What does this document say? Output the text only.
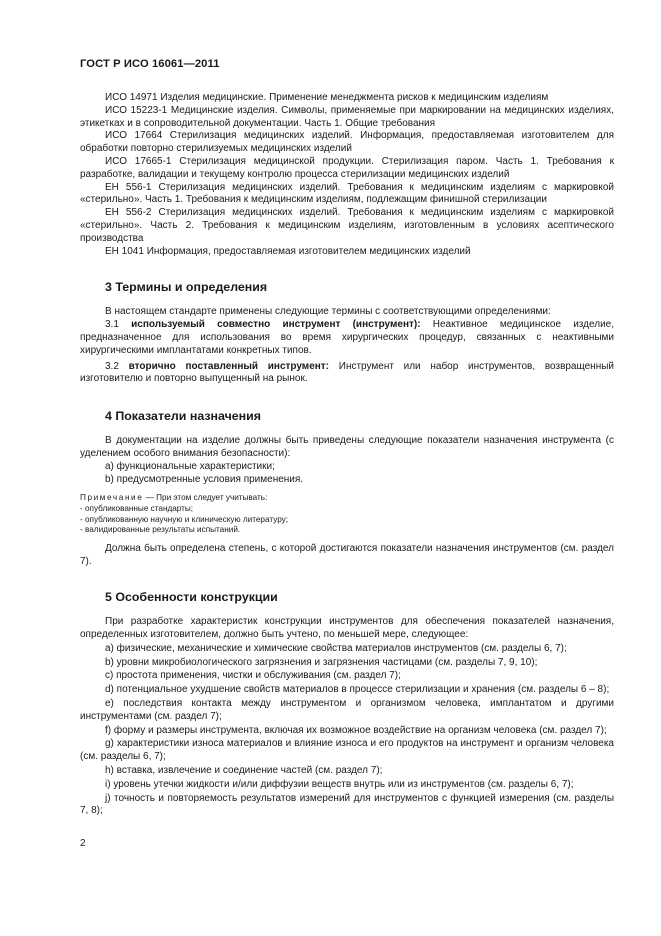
ГОСТ Р ИСО 16061—2011

ИСО 14971 Изделия медицинские. Применение менеджмента рисков к медицинским изделиям

ИСО 15223-1 Медицинские изделия. Символы, применяемые при маркировании на медицинских изделиях, этикетках и в сопроводительной документации. Часть 1. Общие требования

ИСО 17664 Стерилизация медицинских изделий. Информация, предоставляемая изготовителем для обработки повторно стерилизуемых медицинских изделий

ИСО 17665-1 Стерилизация медицинской продукции. Стерилизация паром. Часть 1. Требования к разработке, валидации и текущему контролю процесса стерилизации медицинских изделий

ЕН 556-1 Стерилизация медицинских изделий. Требования к медицинским изделиям с маркировкой «стерильно». Часть 1. Требования к медицинским изделиям, подлежащим финишной стерилизации

ЕН 556-2 Стерилизация медицинских изделий. Требования к медицинским изделиям с маркировкой «стерильно». Часть 2. Требования к медицинским изделиям, изготовленным в условиях асептического производства

ЕН 1041 Информация, предоставляемая изготовителем медицинских изделий

3 Термины и определения

В настоящем стандарте применены следующие термины с соответствующими определениями:

3.1 используемый совместно инструмент (инструмент): Неактивное медицинское изделие, предназначенное для использования во время хирургических процедур, связанных с неактивными хирургическими имплантатами конкретных типов.

3.2 вторично поставленный инструмент: Инструмент или набор инструментов, возвращенный изготовителю и повторно выпущенный на рынок.

4 Показатели назначения

В документации на изделие должны быть приведены следующие показатели назначения инструмента (с уделением особого внимания безопасности):

а) функциональные характеристики;

b) предусмотренные условия применения.

Примечание — При этом следует учитывать:

- опубликованные стандарты;

- опубликованную научную и клиническую литературу;

- валидированные результаты испытаний.

Должна быть определена степень, с которой достигаются показатели назначения инструментов (см. раздел 7).

5 Особенности конструкции

При разработке характеристик конструкции инструментов для обеспечения показателей назначения, определенных изготовителем, должно быть учтено, по меньшей мере, следующее:

а) физические, механические и химические свойства материалов инструментов (см. разделы 6, 7);

b) уровни микробиологического загрязнения и загрязнения частицами (см. разделы 7, 9, 10);

c) простота применения, чистки и обслуживания (см. раздел 7);

d) потенциальное ухудшение свойств материалов в процессе стерилизации и хранения (см. разделы 6 – 8);

e) последствия контакта между инструментом и организмом человека, имплантатом и другими инструментами (см. раздел 7);

f) форму и размеры инструмента, включая их возможное воздействие на организм человека (см. раздел 7);

g) характеристики износа материалов и влияние износа и его продуктов на инструмент и организм человека (см. разделы 6, 7);

h) вставка, извлечение и соединение частей (см. раздел 7);

i) уровень утечки жидкости и/или диффузии веществ внутрь или из инструментов (см. разделы 6, 7);

j) точность и повторяемость результатов измерений для инструментов с функцией измерения (см. разделы 7, 8);

2
